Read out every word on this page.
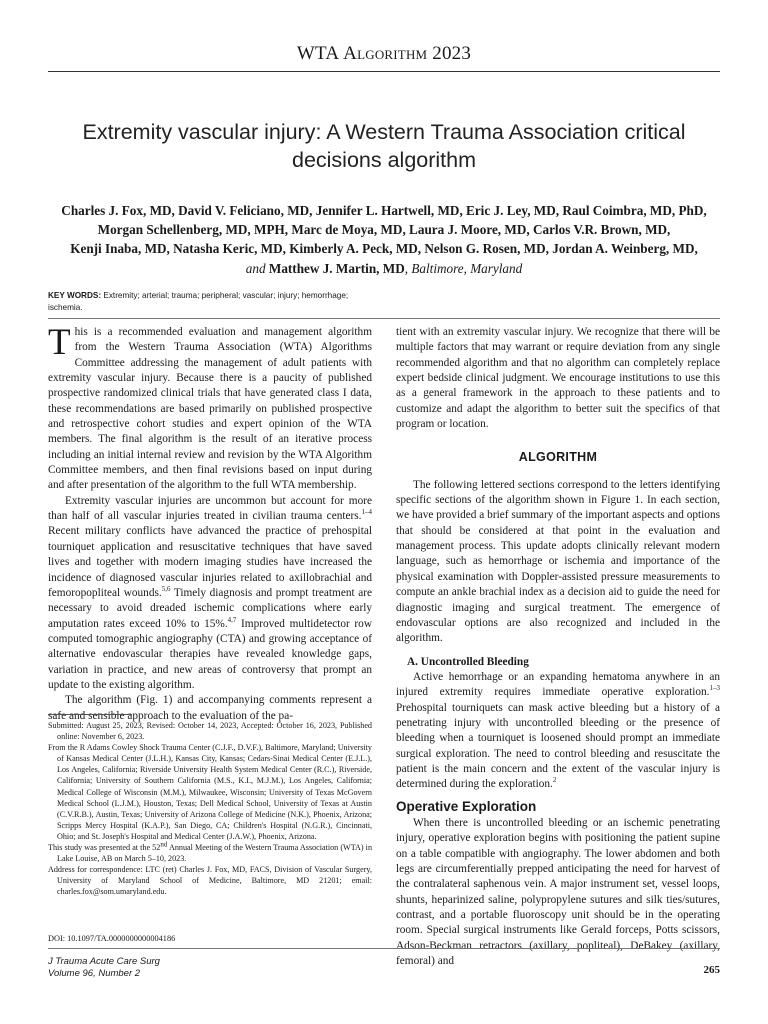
WTA Algorithm 2023
Extremity vascular injury: A Western Trauma Association critical
decisions algorithm
Charles J. Fox, MD, David V. Feliciano, MD, Jennifer L. Hartwell, MD, Eric J. Ley, MD, Raul Coimbra, MD, PhD,
Morgan Schellenberg, MD, MPH, Marc de Moya, MD, Laura J. Moore, MD, Carlos V.R. Brown, MD,
Kenji Inaba, MD, Natasha Keric, MD, Kimberly A. Peck, MD, Nelson G. Rosen, MD, Jordan A. Weinberg, MD,
and Matthew J. Martin, MD, Baltimore, Maryland
KEY WORDS: Extremity; arterial; trauma; peripheral; vascular; injury; hemorrhage; ischemia.

This is a recommended evaluation and management algorithm from the Western Trauma Association (WTA) Algorithms Committee addressing the management of adult patients with extremity vascular injury. Because there is a paucity of published prospective randomized clinical trials that have generated class I data, these recommendations are based primarily on published prospective and retrospective cohort studies and expert opinion of the WTA members. The final algorithm is the result of an iterative process including an initial internal review and revision by the WTA Algorithm Committee members, and then final revisions based on input during and after presentation of the algorithm to the full WTA membership.

Extremity vascular injuries are uncommon but account for more than half of all vascular injuries treated in civilian trauma centers.$^{1-4}$ Recent military conflicts have advanced the practice of prehospital tourniquet application and resuscitative techniques that have saved lives and together with modern imaging studies have increased the incidence of diagnosed vascular injuries related to axillobrachial and femoropopliteal wounds.$^{5,6}$ Timely diagnosis and prompt treatment are necessary to avoid dreaded ischemic complications where early amputation rates exceed 10% to 15%.$^{4,7}$ Improved multidetector row computed tomographic angiography (CTA) and growing acceptance of alternative endovascular therapies have revealed knowledge gaps, variation in practice, and new areas of controversy that prompt an update to the existing algorithm.

The algorithm (Fig. 1) and accompanying comments represent a safe and sensible approach to the evaluation of the pa-

Submitted: August 25, 2023, Revised: October 14, 2023, Accepted: October 16, 2023, Published online: November 6, 2023.

From the R Adams Cowley Shock Trauma Center (C.J.F., D.V.F.), Baltimore, Maryland; University of Kansas Medical Center (J.L.H.), Kansas City, Kansas; Cedars-Sinai Medical Center (E.J.L.), Los Angeles, California; Riverside University Health System Medical Center (R.C.), Riverside, California; University of Southern California (M.S., K.I., M.J.M.), Los Angeles, California; Medical College of Wisconsin (M.M.), Milwaukee, Wisconsin; University of Texas McGovern Medical School (L.J.M.), Houston, Texas; Dell Medical School, University of Texas at Austin (C.V.R.B.), Austin, Texas; University of Arizona College of Medicine (N.K.), Phoenix, Arizona; Scripps Mercy Hospital (K.A.P.), San Diego, CA; Children's Hospital (N.G.R.), Cincinnati, Ohio; and St. Joseph's Hospital and Medical Center (J.A.W.), Phoenix, Arizona.

This study was presented at the 52nd Annual Meeting of the Western Trauma Association (WTA) in Lake Louise, AB on March 5–10, 2023.

Address for correspondence: LTC (ret) Charles J. Fox, MD, FACS, Division of Vascular Surgery, University of Maryland School of Medicine, Baltimore, MD 21201; email: charles.fox@som.umaryland.edu.

DOI: 10.1097/TA.0000000000004186

tient with an extremity vascular injury. We recognize that there will be multiple factors that may warrant or require deviation from any single recommended algorithm and that no algorithm can completely replace expert bedside clinical judgment. We encourage institutions to use this as a general framework in the approach to these patients and to customize and adapt the algorithm to better suit the specifics of that program or location.

ALGORITHM

The following lettered sections correspond to the letters identifying specific sections of the algorithm shown in Figure 1. In each section, we have provided a brief summary of the important aspects and options that should be considered at that point in the evaluation and management process. This update adopts clinically relevant modern language, such as hemorrhage or ischemia and importance of the physical examination with Doppler-assisted pressure measurements to compute an ankle brachial index as a decision aid to guide the need for diagnostic imaging and surgical treatment. The emergence of endovascular options are also recognized and included in the algorithm.

A. Uncontrolled Bleeding

Active hemorrhage or an expanding hematoma anywhere in an injured extremity requires immediate operative exploration.$^{1-3}$ Prehospital tourniquets can mask active bleeding but a history of a penetrating injury with uncontrolled bleeding or the presence of bleeding when a tourniquet is loosened should prompt an immediate surgical exploration. The need to control bleeding and resuscitate the patient is the main concern and the extent of the vascular injury is determined during the exploration.$^2$

Operative Exploration

When there is uncontrolled bleeding or an ischemic penetrating injury, operative exploration begins with positioning the patient supine on a table compatible with angiography. The lower abdomen and both legs are circumferentially prepped anticipating the need for harvest of the contralateral saphenous vein. A major instrument set, vessel loops, shunts, heparinized saline, polypropylene sutures and silk ties/sutures, contrast, and a portable fluoroscopy unit should be in the operating room. Special surgical instruments like Gerald forceps, Potts scissors, Adson-Beckman retractors (axillary, popliteal), DeBakey (axillary, femoral) and

J Trauma Acute Care Surg
Volume 96, Number 2	265
